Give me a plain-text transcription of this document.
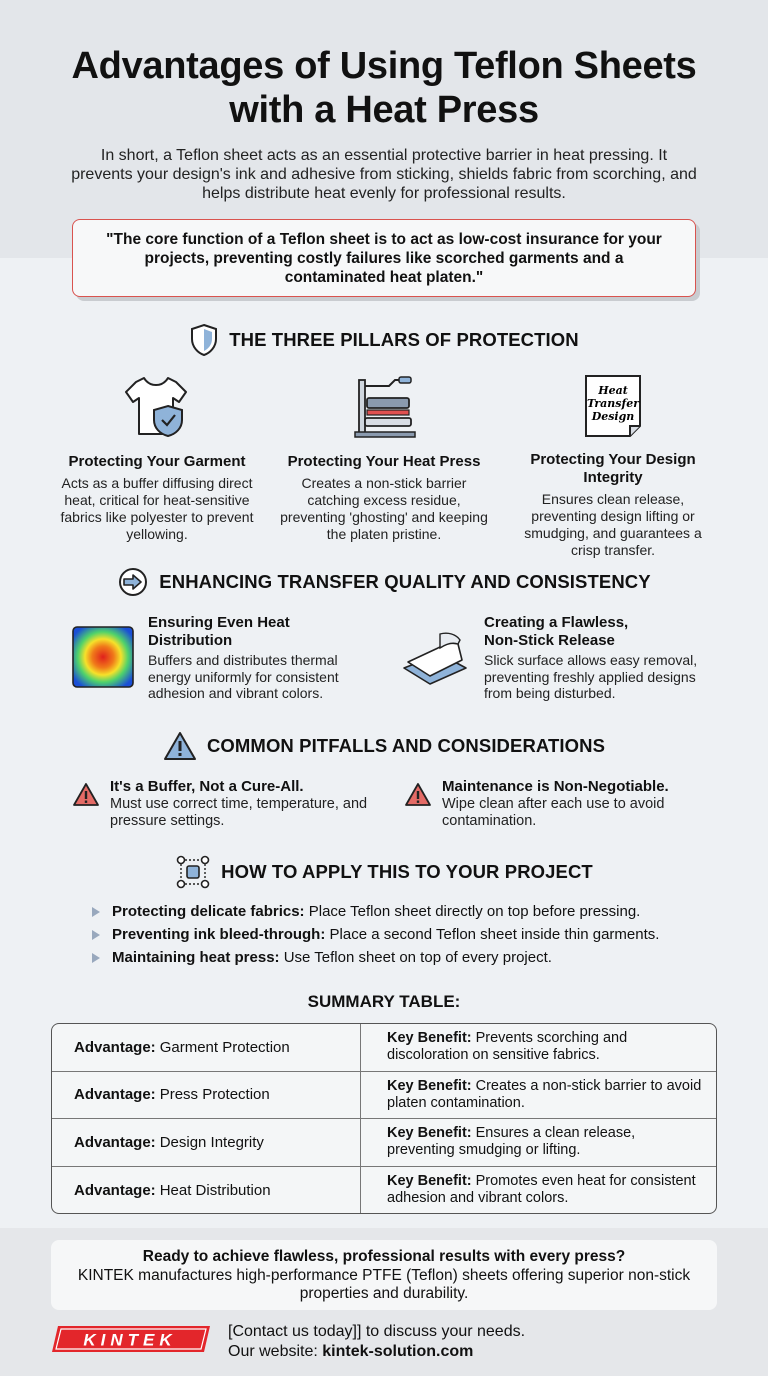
Advantages of Using Teflon Sheets with a Heat Press

In short, a Teflon sheet acts as an essential protective barrier in heat pressing. It prevents your design's ink and adhesive from sticking, shields fabric from scorching, and helps distribute heat evenly for professional results.

"The core function of a Teflon sheet is to act as low-cost insurance for your projects, preventing costly failures like scorched garments and a contaminated heat platen."
THE THREE PILLARS OF PROTECTION
Protecting Your Garment

Acts as a buffer diffusing direct heat, critical for heat-sensitive fabrics like polyester to prevent yellowing.

Protecting Your Heat Press

Creates a non-stick barrier catching excess residue, preventing 'ghosting' and keeping the platen pristine.

Heat
Transfer
Design
Protecting Your Design Integrity

Ensures clean release, preventing design lifting or smudging, and guarantees a crisp transfer.

ENHANCING TRANSFER QUALITY AND CONSISTENCY
Ensuring Even Heat Distribution

Buffers and distributes thermal energy uniformly for consistent adhesion and vibrant colors.

Creating a Flawless, Non-Stick Release

Slick surface allows easy removal, preventing freshly applied designs from being disturbed.

COMMON PITFALLS AND CONSIDERATIONS
It's a Buffer, Not a Cure-All.

Must use correct time, temperature, and pressure settings.

Maintenance is Non-Negotiable.

Wipe clean after each use to avoid contamination.

HOW TO APPLY THIS TO YOUR PROJECT
Protecting delicate fabrics: Place Teflon sheet directly on top before pressing.
Preventing ink bleed-through: Place a second Teflon sheet inside thin garments.
Maintaining heat press: Use Teflon sheet on top of every project.
SUMMARY TABLE:
Advantage: Garment Protection
Key Benefit: Prevents scorching and discoloration on sensitive fabrics.
Advantage: Press Protection
Key Benefit: Creates a non-stick barrier to avoid platen contamination.
Advantage: Design Integrity
Key Benefit: Ensures a clean release, preventing smudging or lifting.
Advantage: Heat Distribution
Key Benefit: Promotes even heat for consistent adhesion and vibrant colors.
Ready to achieve flawless, professional results with every press?
KINTEK manufactures high-performance PTFE (Teflon) sheets offering superior non-stick properties and durability.
KINTEK	[Contact us today]] to discuss your needs.
Our website: kintek-solution.com
